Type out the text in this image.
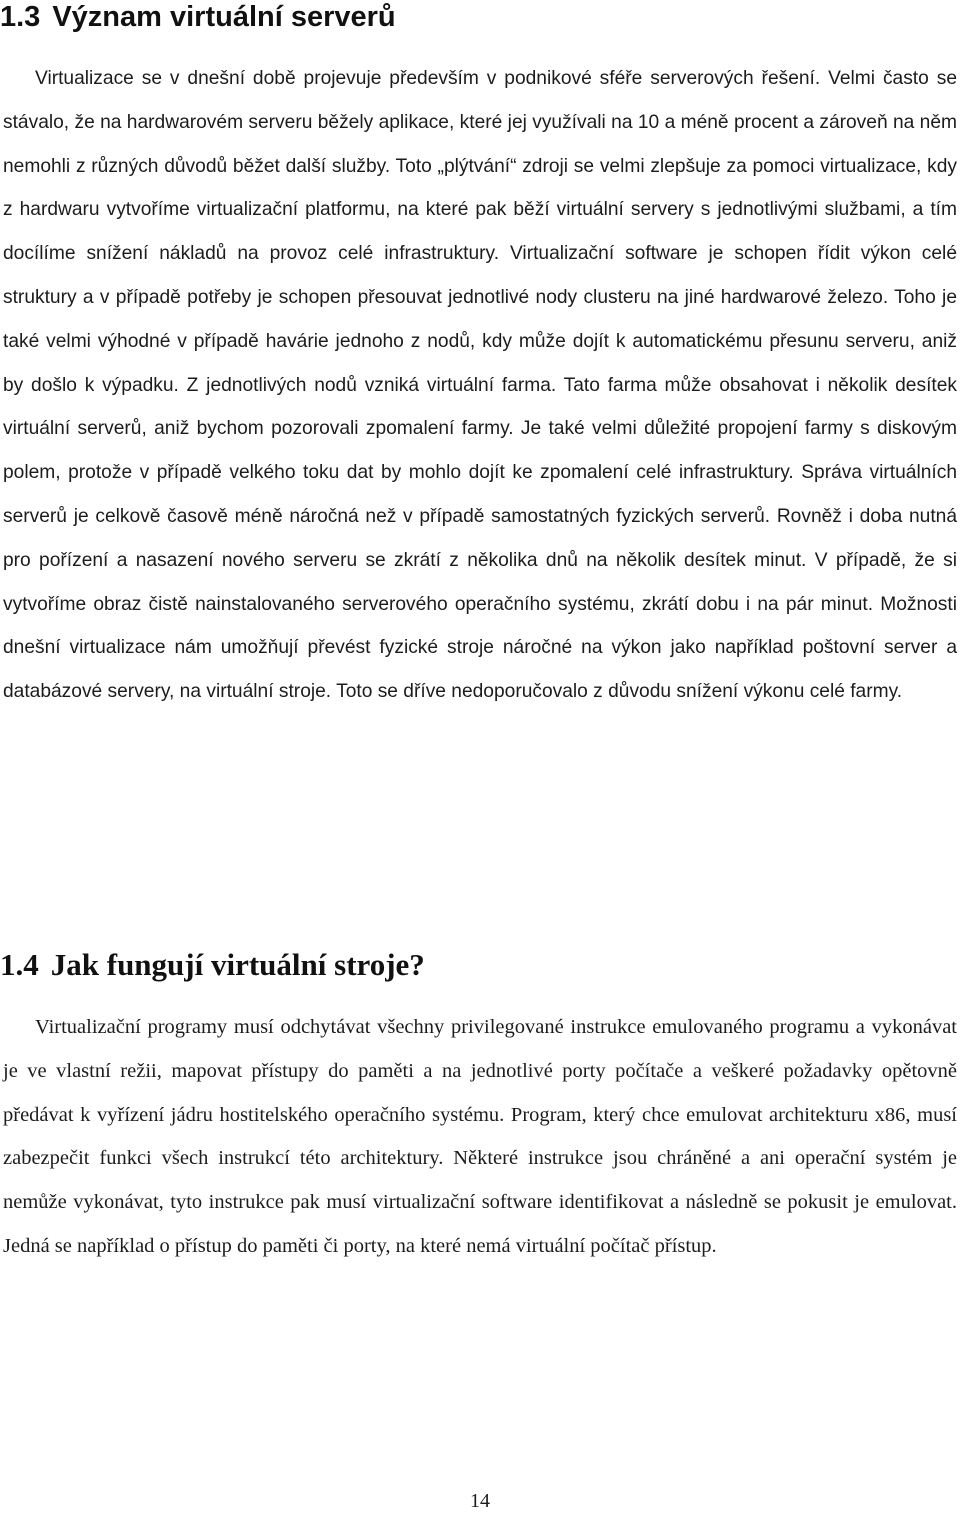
1.3 Význam virtuální serverů

Virtualizace se v dnešní době projevuje především v podnikové sféře serverových řešení. Velmi často se stávalo, že na hardwarovém serveru běžely aplikace, které jej využívali na 10 a méně procent a zároveň na něm nemohli z různých důvodů běžet další služby. Toto „plýtvání“ zdroji se velmi zlepšuje za pomoci virtualizace, kdy z hardwaru vytvoříme virtualizační platformu, na které pak běží virtuální servery s jednotlivými službami, a tím docílíme snížení nákladů na provoz celé infrastruktury. Virtualizační software je schopen řídit výkon celé struktury a v případě potřeby je schopen přesouvat jednotlivé nody clusteru na jiné hardwarové železo. Toho je také velmi výhodné v případě havárie jednoho z nodů, kdy může dojít k automatickému přesunu serveru, aniž by došlo k výpadku. Z jednotlivých nodů vzniká virtuální farma. Tato farma může obsahovat i několik desítek virtuální serverů, aniž bychom pozorovali zpomalení farmy. Je také velmi důležité propojení farmy s diskovým polem, protože v případě velkého toku dat by mohlo dojít ke zpomalení celé infrastruktury. Správa virtuálních serverů je celkově časově méně náročná než v případě samostatných fyzických serverů. Rovněž i doba nutná pro pořízení a nasazení nového serveru se zkrátí z několika dnů na několik desítek minut. V případě, že si vytvoříme obraz čistě nainstalovaného serverového operačního systému, zkrátí dobu i na pár minut. Možnosti dnešní virtualizace nám umožňují převést fyzické stroje náročné na výkon jako například poštovní server a databázové servery, na virtuální stroje. Toto se dříve nedoporučovalo z důvodu snížení výkonu celé farmy.

1.4 Jak fungují virtuální stroje?

Virtualizační programy musí odchytávat všechny privilegované instrukce emulovaného programu a vykonávat je ve vlastní režii, mapovat přístupy do paměti a na jednotlivé porty počítače a veškeré požadavky opětovně předávat k vyřízení jádru hostitelského operačního systému. Program, který chce emulovat architekturu x86, musí zabezpečit funkci všech instrukcí této architektury. Některé instrukce jsou chráněné a ani operační systém je nemůže vykonávat, tyto instrukce pak musí virtualizační software identifikovat a následně se pokusit je emulovat. Jedná se například o přístup do paměti či porty, na které nemá virtuální počítač přístup.

14
